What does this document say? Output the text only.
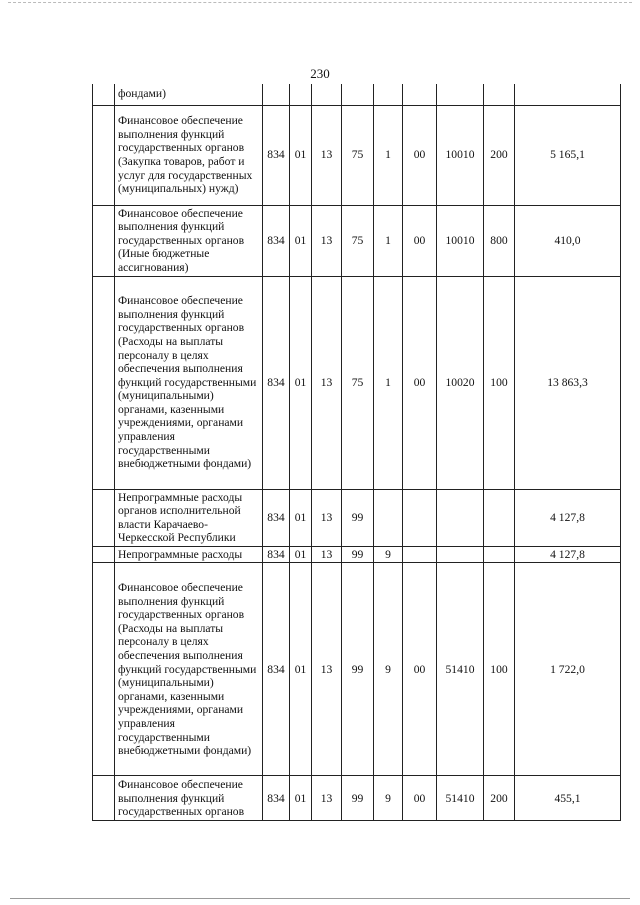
230
	фондами)									
	Финансовое обеспечение выполнения функций государственных органов (Закупка товаров, работ и услуг для государственных (муниципальных) нужд)	834	01	13	75	1	00	10010	200	5 165,1
	Финансовое обеспечение выполнения функций государственных органов (Иные бюджетные ассигнования)	834	01	13	75	1	00	10010	800	410,0
	Финансовое обеспечение выполнения функций государственных органов (Расходы на выплаты персоналу в целях обеспечения выполнения функций государственными (муниципальными) органами, казенными учреждениями, органами управления государственными внебюджетными фондами)	834	01	13	75	1	00	10020	100	13 863,3
	Непрограммные расходы органов исполнительной власти Карачаево-Черкесской Республики	834	01	13	99					4 127,8
	Непрограммные расходы	834	01	13	99	9				4 127,8
	Финансовое обеспечение выполнения функций государственных органов (Расходы на выплаты персоналу в целях обеспечения выполнения функций государственными (муниципальными) органами, казенными учреждениями, органами управления государственными внебюджетными фондами)	834	01	13	99	9	00	51410	100	1 722,0
	Финансовое обеспечение выполнения функций государственных органов	834	01	13	99	9	00	51410	200	455,1
